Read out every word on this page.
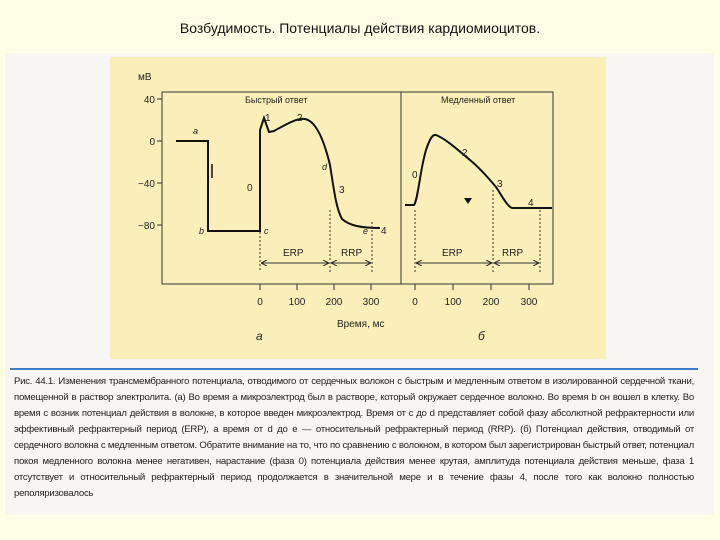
Возбудимость. Потенциалы действия кардиомиоцитов.
мВ
40
0
−40
−80
Быстрый ответ
a
b	c
d
e
0
1	2
3
4
ERP	RRP
0	100 200 300
а
Медленный ответ
0
2
3
4
ERP	RRP
0	100 200 300
б
Время, мс
Рис. 44.1. Изменения трансмембранного потенциала, отводимого от сердечных волокон с быстрым и медленным ответом в изолированной сердечной ткани, помещенной в раствор электролита. (а) Во время а микроэлектрод был в растворе, который окружает сердечное волокно. Во время b он вошел в клетку. Во время с возник потенциал действия в волокне, в которое введен микроэлектрод. Время от с до d представляет собой фазу абсолютной рефрактерности или эффективный рефрактерный период (ERP), а время от d до е — относительный рефрактерный период (RRP). (б) Потенциал действия, отводимый от сердечного волокна с медленным ответом. Обратите внимание на то, что по сравнению с волокном, в котором был зарегистрирован быстрый ответ, потенциал покоя медленного волокна менее негативен, нарастание (фаза 0) потенциала действия менее крутая, амплитуда потенциала действия меньше, фаза 1 отсутствует и относительный рефрактерный период продолжается в значительной мере и в течение фазы 4, после того как волокно полностью реполяризовалось
